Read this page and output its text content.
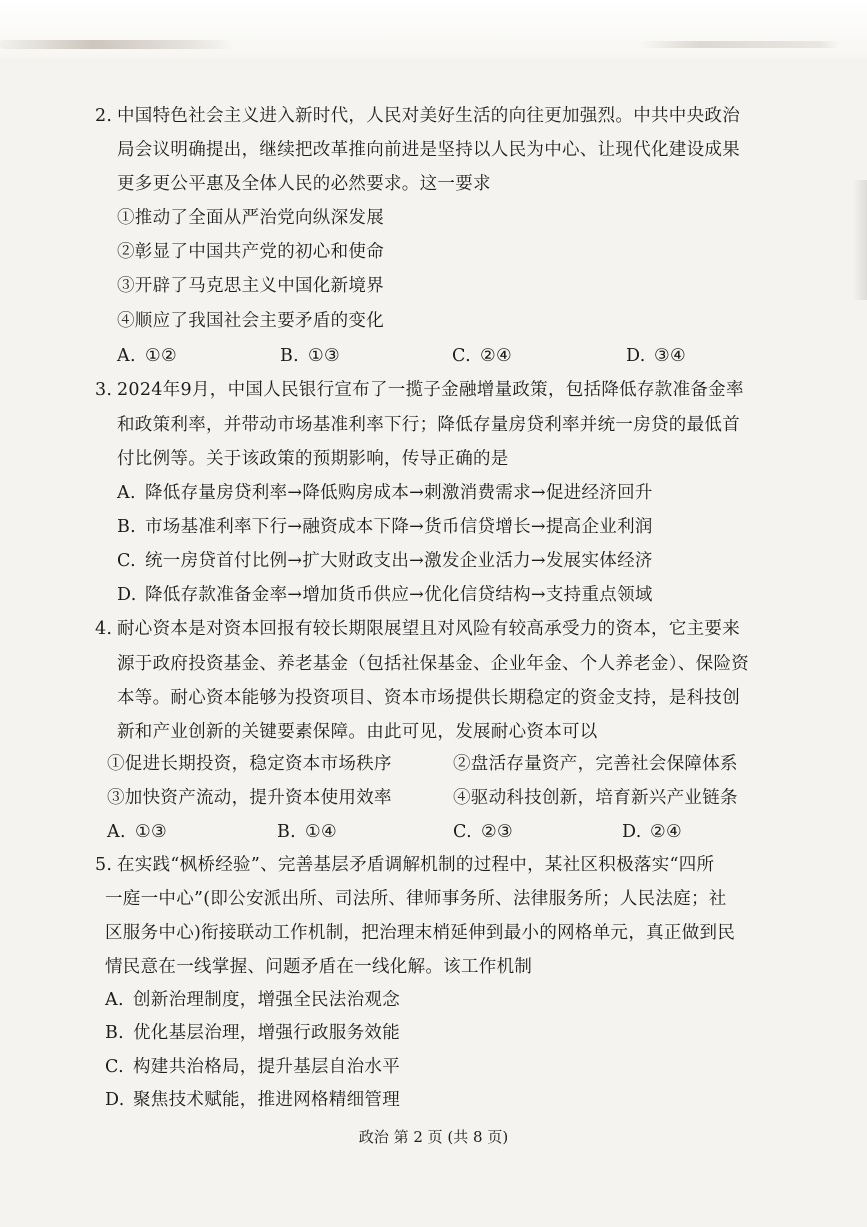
2. 中国特色社会主义进入新时代，人民对美好生活的向往更加强烈。中共中央政治
局会议明确提出，继续把改革推向前进是坚持以人民为中心、让现代化建设成果
更多更公平惠及全体人民的必然要求。这一要求
①推动了全面从严治党向纵深发展
②彰显了中国共产党的初心和使命
③开辟了马克思主义中国化新境界
④顺应了我国社会主要矛盾的变化
A. ①②	B. ①③	C. ②④	D. ③④
3. 2024年9月，中国人民银行宣布了一揽子金融增量政策，包括降低存款准备金率
和政策利率，并带动市场基准利率下行；降低存量房贷利率并统一房贷的最低首
付比例等。关于该政策的预期影响，传导正确的是
A. 降低存量房贷利率→降低购房成本→刺激消费需求→促进经济回升
B. 市场基准利率下行→融资成本下降→货币信贷增长→提高企业利润
C. 统一房贷首付比例→扩大财政支出→激发企业活力→发展实体经济
D. 降低存款准备金率→增加货币供应→优化信贷结构→支持重点领域
4. 耐心资本是对资本回报有较长期限展望且对风险有较高承受力的资本，它主要来
源于政府投资基金、养老基金（包括社保基金、企业年金、个人养老金）、保险资
本等。耐心资本能够为投资项目、资本市场提供长期稳定的资金支持，是科技创
新和产业创新的关键要素保障。由此可见，发展耐心资本可以
①促进长期投资，稳定资本市场秩序	②盘活存量资产，完善社会保障体系
③加快资产流动，提升资本使用效率	④驱动科技创新，培育新兴产业链条
A. ①③	B. ①④	C. ②③	D. ②④
5. 在实践“枫桥经验”、完善基层矛盾调解机制的过程中，某社区积极落实“四所
一庭一中心”(即公安派出所、司法所、律师事务所、法律服务所；人民法庭；社
区服务中心)衔接联动工作机制，把治理末梢延伸到最小的网格单元，真正做到民
情民意在一线掌握、问题矛盾在一线化解。该工作机制
A. 创新治理制度，增强全民法治观念
B. 优化基层治理，增强行政服务效能
C. 构建共治格局，提升基层自治水平
D. 聚焦技术赋能，推进网格精细管理
政治 第 2 页 (共 8 页)
